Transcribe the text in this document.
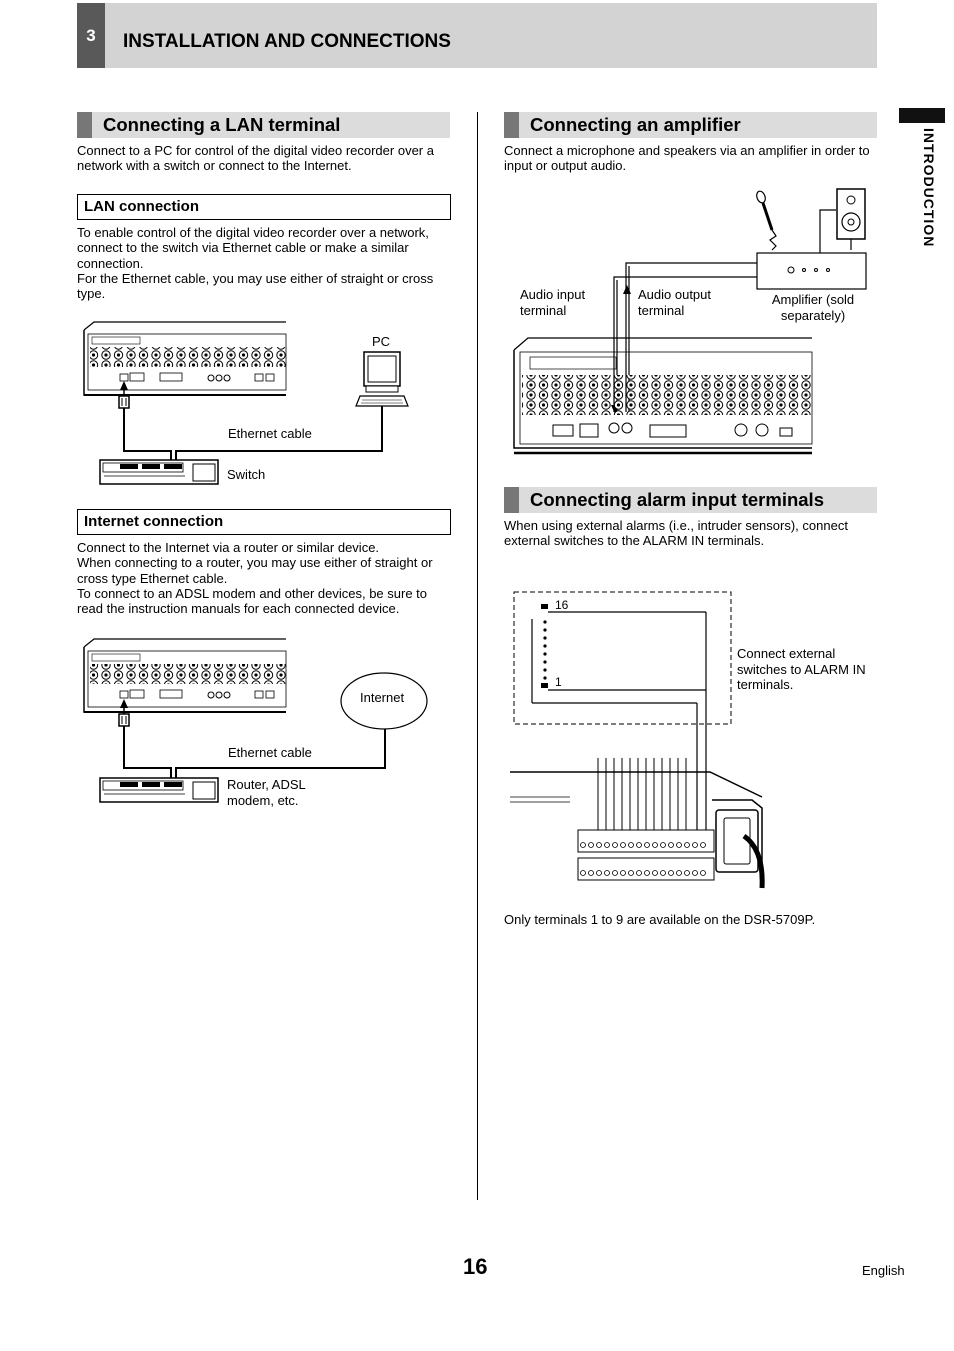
3	INSTALLATION AND CONNECTIONS
INTRODUCTION
Connecting a LAN terminal
Connect to a PC for control of the digital video recorder over a network with a switch or connect to the Internet.
LAN connection
To enable control of the digital video recorder over a network, connect to the switch via Ethernet cable or make a similar connection.
For the Ethernet cable, you may use either of straight or cross type.
PC
Ethernet cable
Switch
Internet connection
Connect to the Internet via a router or similar device.
When connecting to a router, you may use either of straight or cross type Ethernet cable.
To connect to an ADSL modem and other devices, be sure to read the instruction manuals for each connected device.
Internet
Ethernet cable
Router, ADSL modem, etc.
Connecting an amplifier
Connect a microphone and speakers via an amplifier in order to input or output audio.
Audio input terminal
Audio output terminal
Amplifier (sold separately)
Connecting alarm input terminals
When using external alarms (i.e., intruder sensors), connect external switches to the ALARM IN terminals.
16
1
Connect external switches to ALARM IN terminals.
Only terminals 1 to 9 are available on the DSR-5709P.
16	English
